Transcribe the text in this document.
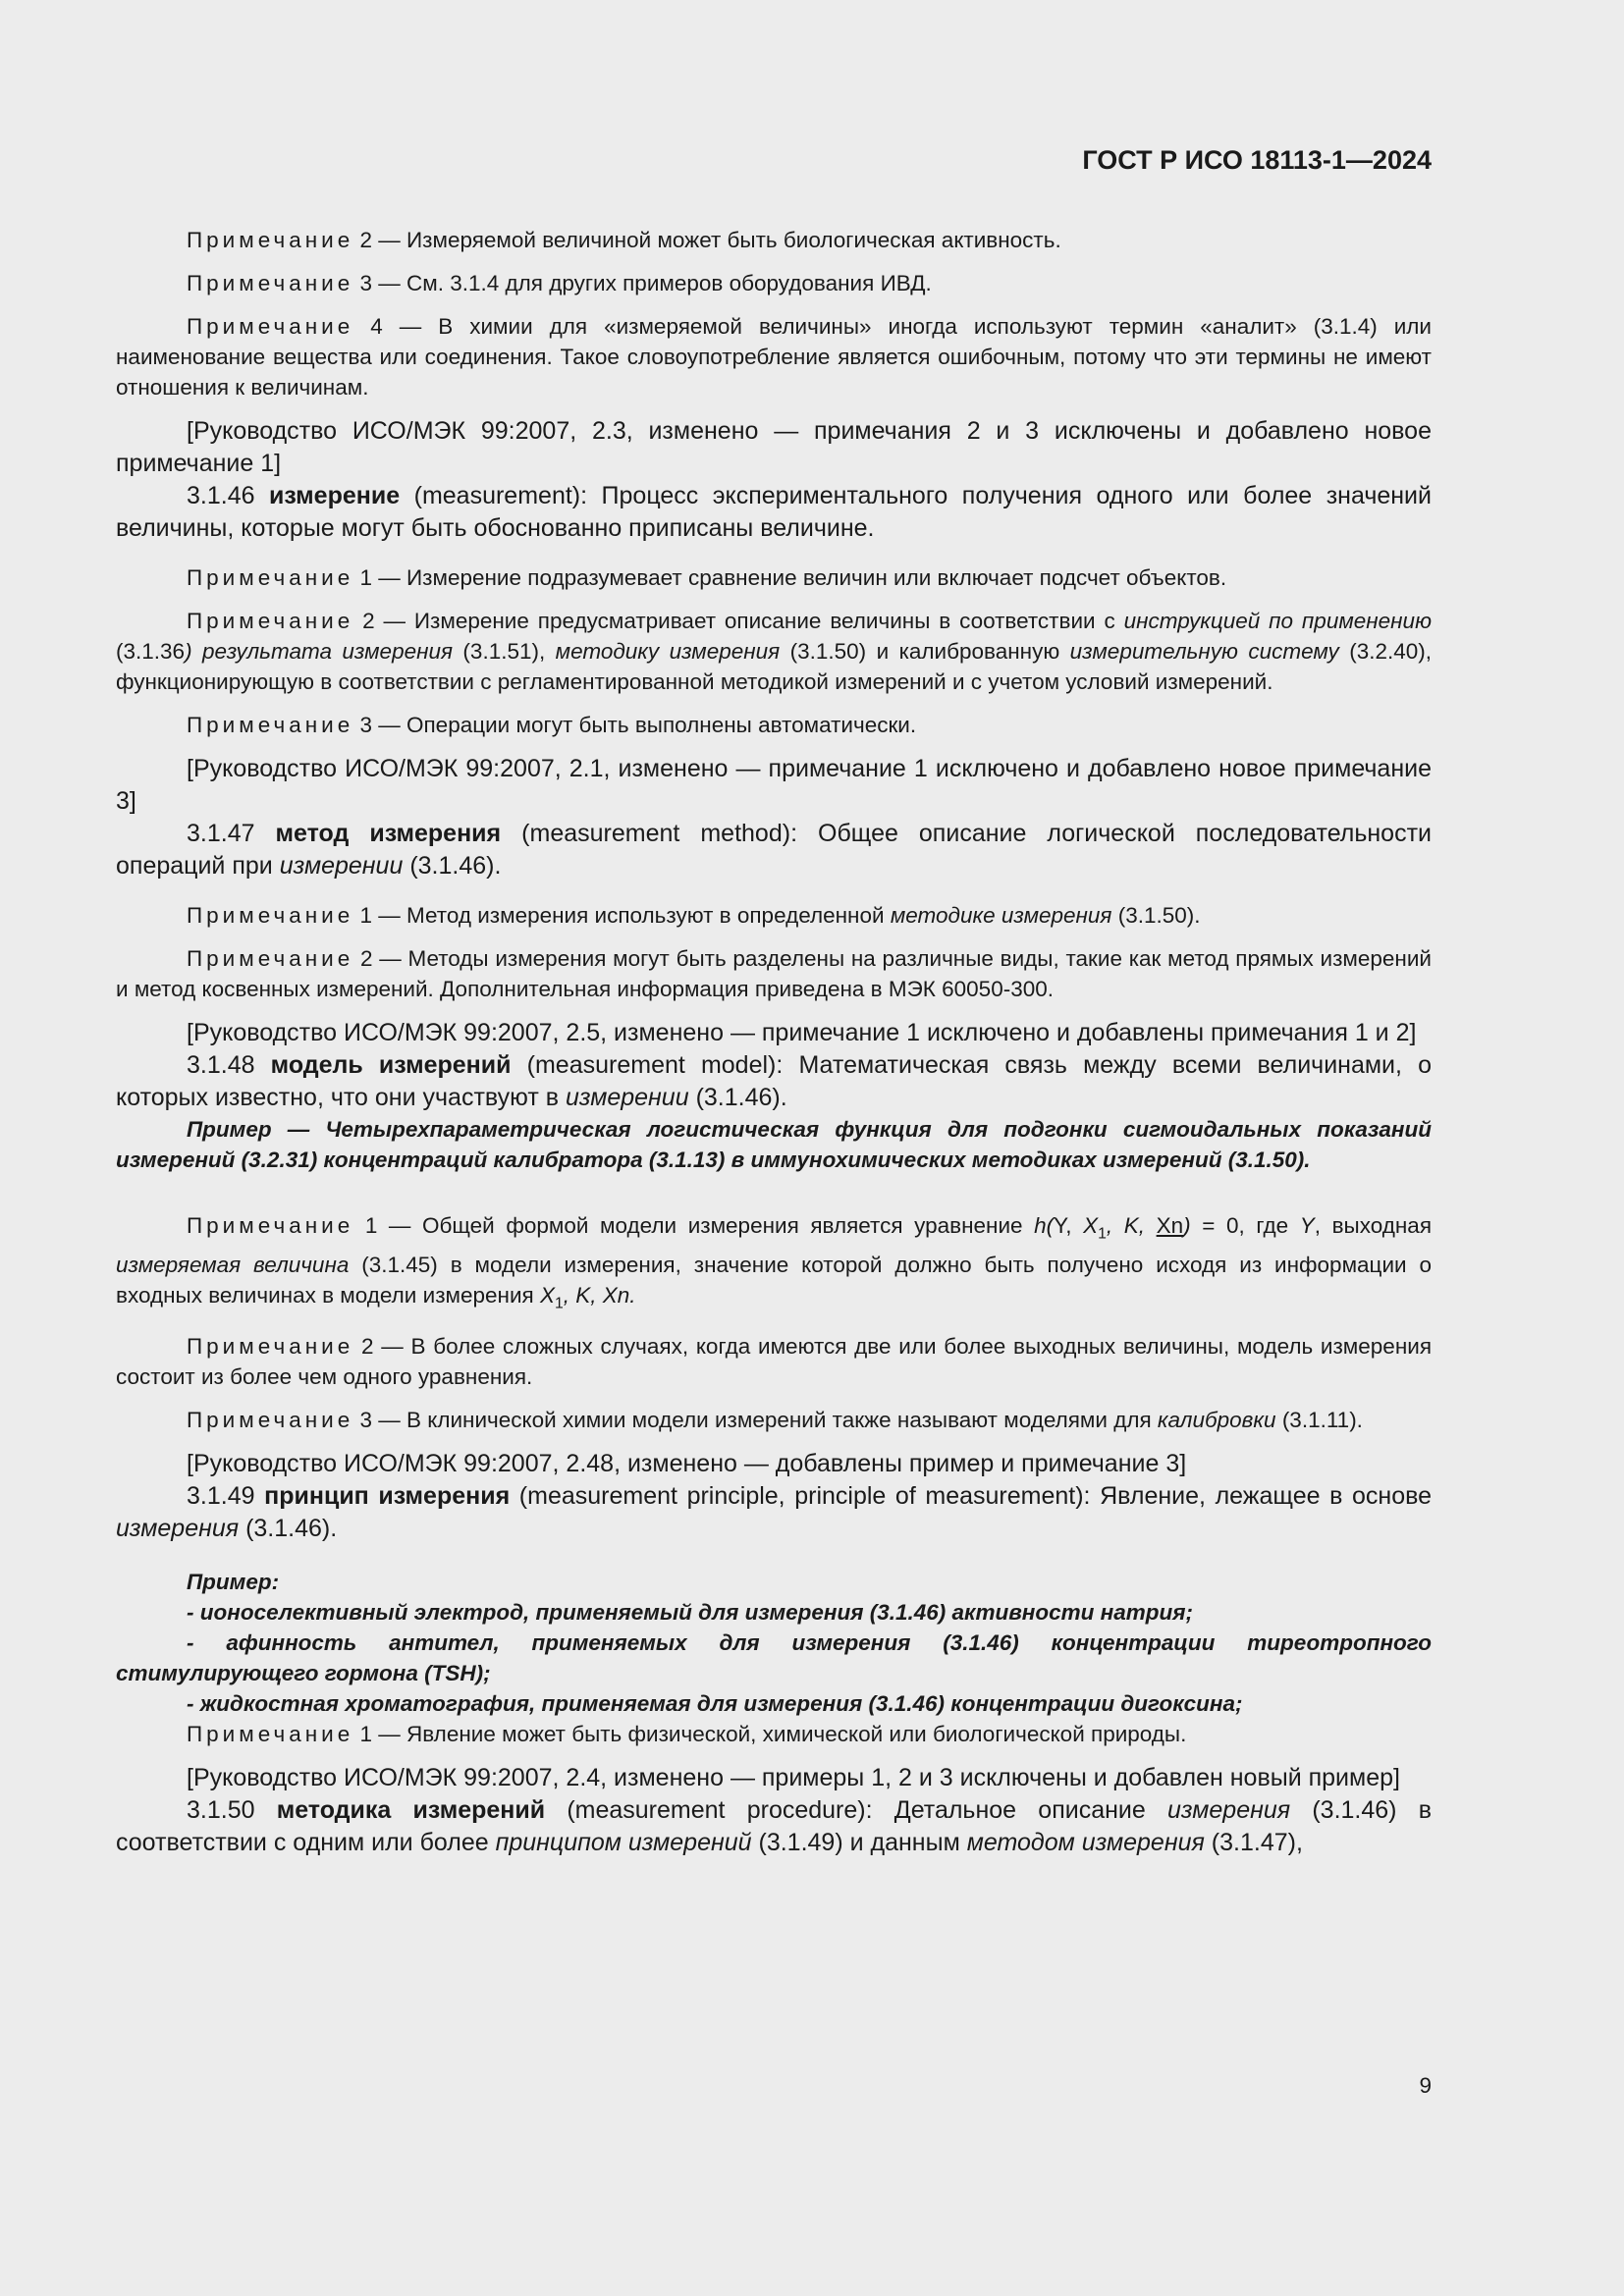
ГОСТ Р ИСО 18113-1—2024

Примечание 2 — Измеряемой величиной может быть биологическая активность.

Примечание 3 — См. 3.1.4 для других примеров оборудования ИВД.

Примечание 4 — В химии для «измеряемой величины» иногда используют термин «аналит» (3.1.4) или наименование вещества или соединения. Такое словоупотребление является ошибочным, потому что эти термины не имеют отношения к величинам.

[Руководство ИСО/МЭК 99:2007, 2.3, изменено — примечания 2 и 3 исключены и добавлено новое примечание 1]

3.1.46 измерение (measurement): Процесс экспериментального получения одного или более значений величины, которые могут быть обоснованно приписаны величине.

Примечание 1 — Измерение подразумевает сравнение величин или включает подсчет объектов.

Примечание 2 — Измерение предусматривает описание величины в соответствии с инструкцией по применению (3.1.36) результата измерения (3.1.51), методику измерения (3.1.50) и калиброванную измерительную систему (3.2.40), функционирующую в соответствии с регламентированной методикой измерений и с учетом условий измерений.

Примечание 3 — Операции могут быть выполнены автоматически.

[Руководство ИСО/МЭК 99:2007, 2.1, изменено — примечание 1 исключено и добавлено новое примечание 3]

3.1.47 метод измерения (measurement method): Общее описание логической последовательности операций при измерении (3.1.46).

Примечание 1 — Метод измерения используют в определенной методике измерения (3.1.50).

Примечание 2 — Методы измерения могут быть разделены на различные виды, такие как метод прямых измерений и метод косвенных измерений. Дополнительная информация приведена в МЭК 60050-300.

[Руководство ИСО/МЭК 99:2007, 2.5, изменено — примечание 1 исключено и добавлены примечания 1 и 2]

3.1.48 модель измерений (measurement model): Математическая связь между всеми величинами, о которых известно, что они участвуют в измерении (3.1.46).

Пример — Четырехпараметрическая логистическая функция для подгонки сигмоидальных показаний измерений (3.2.31) концентраций калибратора (3.1.13) в иммунохимических методиках измерений (3.1.50).

Примечание 1 — Общей формой модели измерения является уравнение h(Y, $X_1$, K, Xn) = 0, где Y, выходная измеряемая величина (3.1.45) в модели измерения, значение которой должно быть получено исходя из информации о входных величинах в модели измерения $X_1$, K, Xn.

Примечание 2 — В более сложных случаях, когда имеются две или более выходных величины, модель измерения состоит из более чем одного уравнения.

Примечание 3 — В клинической химии модели измерений также называют моделями для калибровки (3.1.11).

[Руководство ИСО/МЭК 99:2007, 2.48, изменено — добавлены пример и примечание 3]

3.1.49 принцип измерения (measurement principle, principle of measurement): Явление, лежащее в основе измерения (3.1.46).

Пример:

- ионоселективный электрод, применяемый для измерения (3.1.46) активности натрия;

- афинность антител, применяемых для измерения (3.1.46) концентрации тиреотропного стимулирующего гормона (TSH);

- жидкостная хроматография, применяемая для измерения (3.1.46) концентрации дигоксина;

Примечание 1 — Явление может быть физической, химической или биологической природы.

[Руководство ИСО/МЭК 99:2007, 2.4, изменено — примеры 1, 2 и 3 исключены и добавлен новый пример]

3.1.50 методика измерений (measurement procedure): Детальное описание измерения (3.1.46) в соответствии с одним или более принципом измерений (3.1.49) и данным методом измерения (3.1.47),

9
